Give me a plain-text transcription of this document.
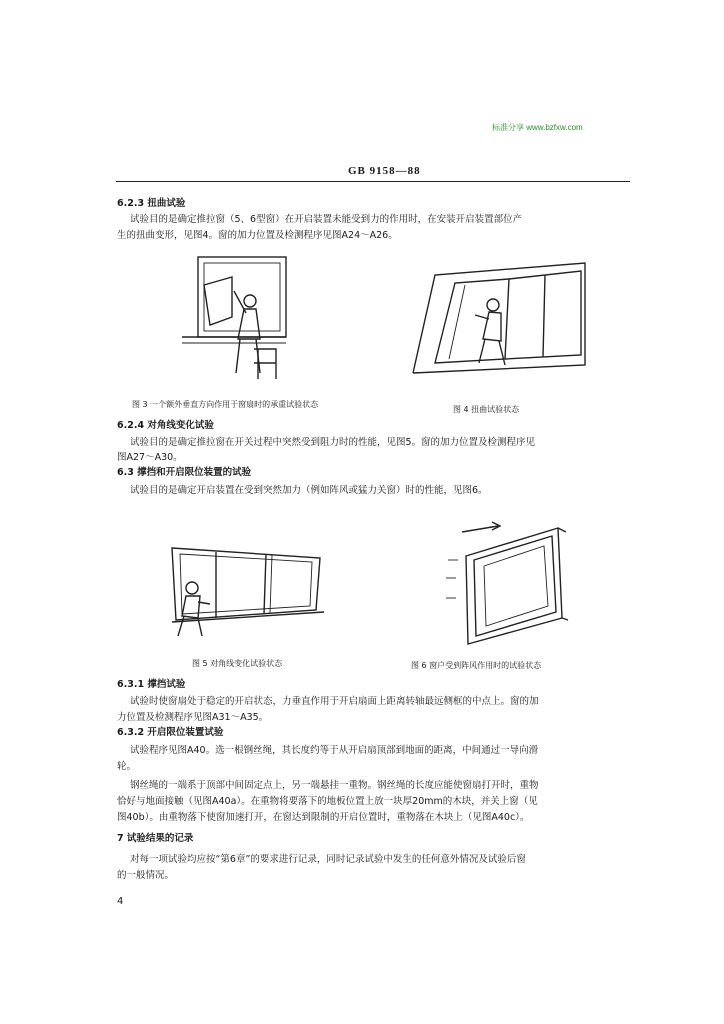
标准分享 www.bzfxw.com
GB 9158—88
6.2.3 扭曲试验
试验目的是确定推拉窗（5、6型窗）在开启装置未能受到力的作用时，在安装开启装置部位产
生的扭曲变形，见图4。窗的加力位置及检测程序见图A24～A26。
图 3 一个额外垂直方向作用于窗扇时的承重试验状态
图 4 扭曲试验状态
6.2.4 对角线变化试验
试验目的是确定推拉窗在开关过程中突然受到阻力时的性能，见图5。窗的加力位置及检测程序见
图A27～A30。
6.3 撑挡和开启限位装置的试验
试验目的是确定开启装置在受到突然加力（例如阵风或猛力关窗）时的性能，见图6。
图 5 对角线变化试验状态	图 6 窗户受到阵风作用时的试验状态
6.3.1 撑挡试验
试验时使窗扇处于稳定的开启状态，力垂直作用于开启扇面上距离转轴最远侧框的中点上。窗的加
力位置及检测程序见图A31～A35。
6.3.2 开启限位装置试验
试验程序见图A40。选一根钢丝绳，其长度约等于从开启扇顶部到地面的距离，中间通过一导向滑
轮。
钢丝绳的一端系于顶部中间固定点上，另一端悬挂一重物。钢丝绳的长度应能使窗扇打开时，重物
恰好与地面接触（见图A40a）。在重物将要落下的地板位置上放一块厚20mm的木块，并关上窗（见
图40b）。由重物落下使窗加速打开，在窗达到限制的开启位置时，重物落在木块上（见图A40c）。
7 试验结果的记录
对每一项试验均应按“第6章”的要求进行记录，同时记录试验中发生的任何意外情况及试验后窗
的一般情况。
4
